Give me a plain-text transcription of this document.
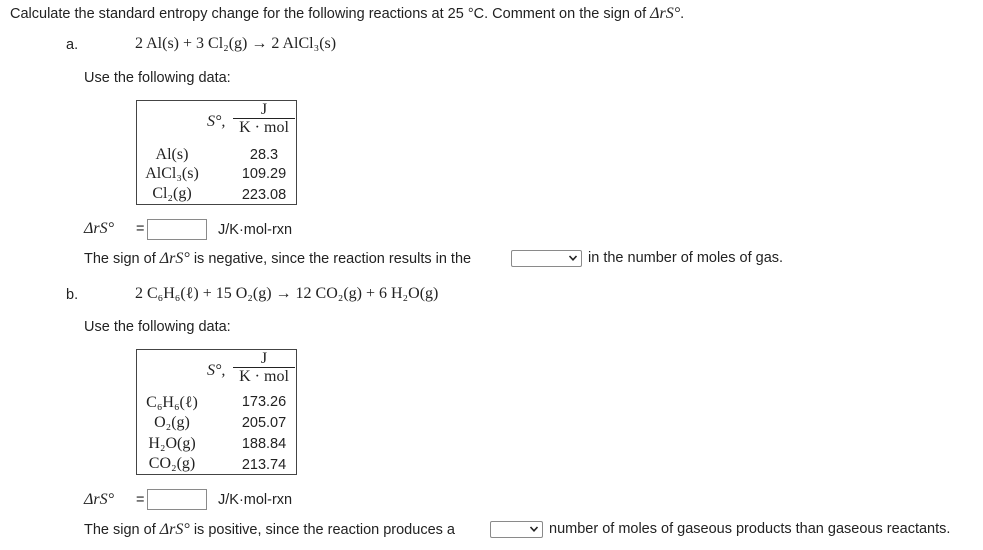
Calculate the standard entropy change for the following reactions at 25 °C. Comment on the sign of ΔrS°.
a.	2 Al(s) + 3 Cl₂(g) → 2 AlCl₃(s)
Use the following data:
S°, $\frac{J}{\text{K · mol}}$
Al(s)	28.3
AlCl₃(s)	109.29
Cl₂(g)	223.08
ΔrS° =	J/K·mol-rxn
The sign of ΔrS° is negative, since the reaction results in the	in the number of moles of gas.
b.	2 C₆H₆(ℓ) + 15 O₂(g) → 12 CO₂(g) + 6 H₂O(g)
Use the following data:
S°, $\frac{J}{\text{K · mol}}$
C₆H₆(ℓ)	173.26
O₂(g)	205.07
H₂O(g)	188.84
CO₂(g)	213.74
ΔrS° =	J/K·mol-rxn
The sign of ΔrS° is positive, since the reaction produces a	number of moles of gaseous products than gaseous reactants.
